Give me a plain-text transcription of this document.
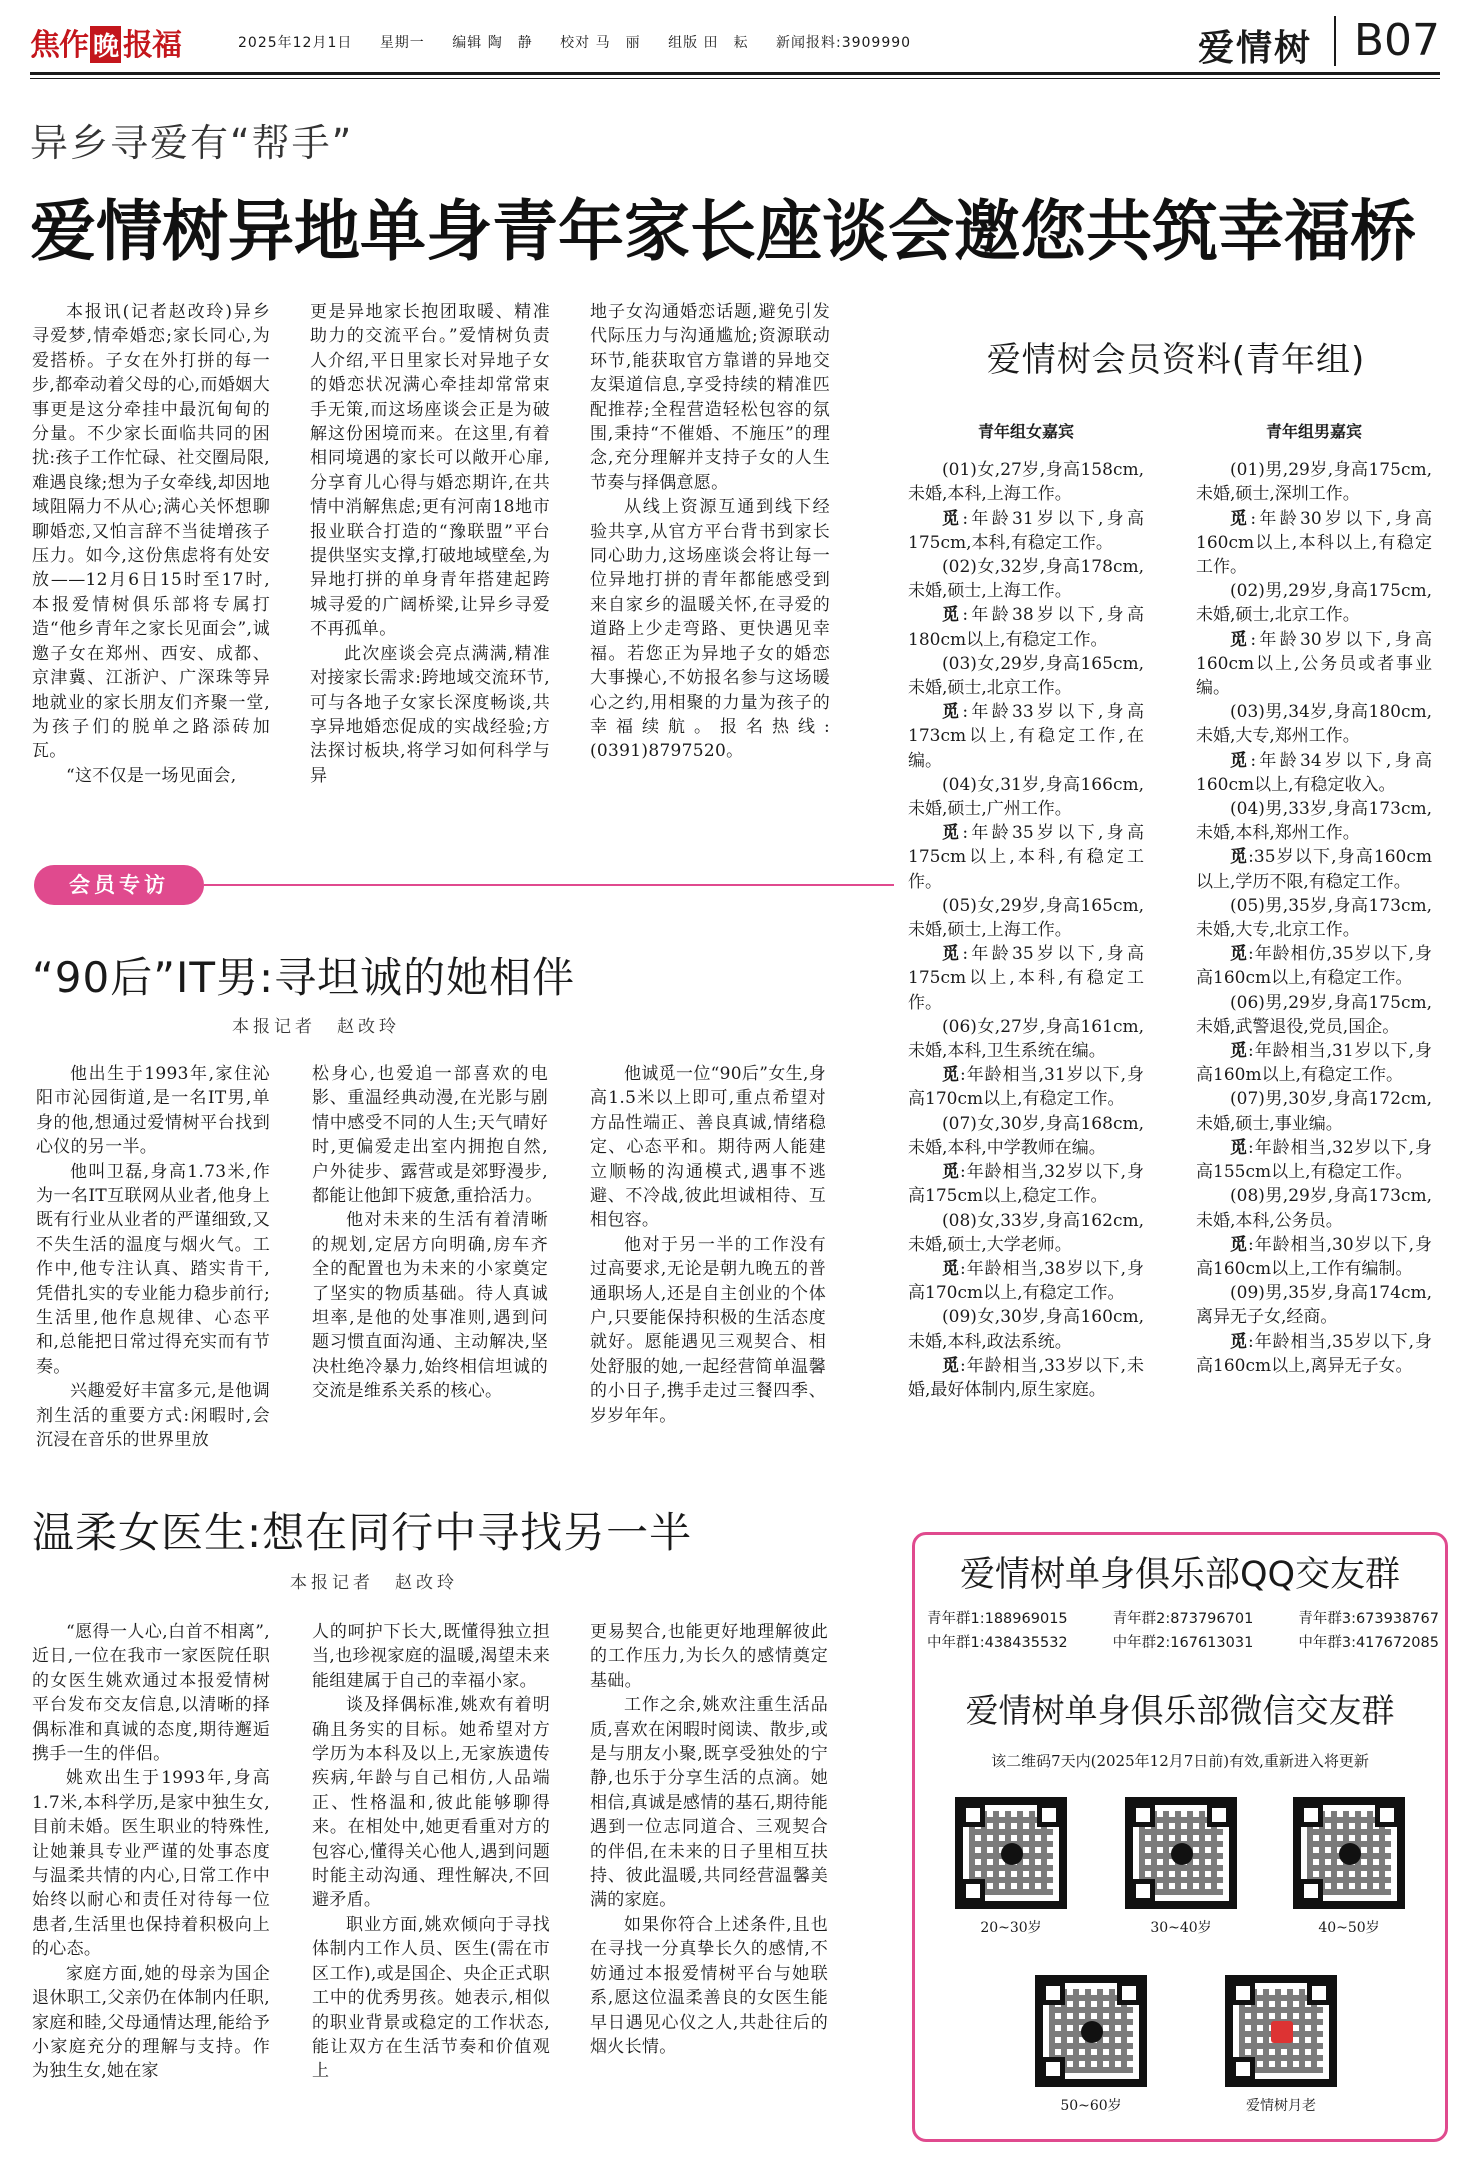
焦作 晚 报福	2025年12月1日 星期一 编辑 陶　静 校对 马　丽 组版 田　耘 新闻报料:3909990	爱情树 B07
异乡寻爱有“帮手”
爱情树异地单身青年家长座谈会邀您共筑幸福桥

本报讯(记者赵改玲)异乡寻爱梦,情牵婚恋;家长同心,为爱搭桥。子女在外打拼的每一步,都牵动着父母的心,而婚姻大事更是这分牵挂中最沉甸甸的分量。不少家长面临共同的困扰:孩子工作忙碌、社交圈局限,难遇良缘;想为子女牵线,却因地域阻隔力不从心;满心关怀想聊聊婚恋,又怕言辞不当徒增孩子压力。如今,这份焦虑将有处安放——12月6日15时至17时,本报爱情树俱乐部将专属打造“他乡青年之家长见面会”,诚邀子女在郑州、西安、成都、京津冀、江浙沪、广深珠等异地就业的家长朋友们齐聚一堂,为孩子们的脱单之路添砖加瓦。

“这不仅是一场见面会,

更是异地家长抱团取暖、精准助力的交流平台。”爱情树负责人介绍,平日里家长对异地子女的婚恋状况满心牵挂却常常束手无策,而这场座谈会正是为破解这份困境而来。在这里,有着相同境遇的家长可以敞开心扉,分享育儿心得与婚恋期许,在共情中消解焦虑;更有河南18地市报业联合打造的“豫联盟”平台提供坚实支撑,打破地域壁垒,为异地打拼的单身青年搭建起跨城寻爱的广阔桥梁,让异乡寻爱不再孤单。

此次座谈会亮点满满,精准对接家长需求:跨地域交流环节,可与各地子女家长深度畅谈,共享异地婚恋促成的实战经验;方法探讨板块,将学习如何科学与异

地子女沟通婚恋话题,避免引发代际压力与沟通尴尬;资源联动环节,能获取官方靠谱的异地交友渠道信息,享受持续的精准匹配推荐;全程营造轻松包容的氛围,秉持“不催婚、不施压”的理念,充分理解并支持子女的人生节奏与择偶意愿。

从线上资源互通到线下经验共享,从官方平台背书到家长同心助力,这场座谈会将让每一位异地打拼的青年都能感受到来自家乡的温暖关怀,在寻爱的道路上少走弯路、更快遇见幸福。若您正为异地子女的婚恋大事操心,不妨报名参与这场暖心之约,用相聚的力量为孩子的幸福续航。报名热线:(0391)8797520。

爱情树会员资料(青年组)
青年组女嘉宾
(01)女,27岁,身高158cm,未婚,本科,上海工作。
觅:年龄31岁以下,身高175cm,本科,有稳定工作。
(02)女,32岁,身高178cm,未婚,硕士,上海工作。
觅:年龄38岁以下,身高180cm以上,有稳定工作。
(03)女,29岁,身高165cm,未婚,硕士,北京工作。
觅:年龄33岁以下,身高173cm以上,有稳定工作,在编。
(04)女,31岁,身高166cm,未婚,硕士,广州工作。
觅:年龄35岁以下,身高175cm以上,本科,有稳定工作。
(05)女,29岁,身高165cm,未婚,硕士,上海工作。
觅:年龄35岁以下,身高175cm以上,本科,有稳定工作。
(06)女,27岁,身高161cm,未婚,本科,卫生系统在编。
觅:年龄相当,31岁以下,身高170cm以上,有稳定工作。
(07)女,30岁,身高168cm,未婚,本科,中学教师在编。
觅:年龄相当,32岁以下,身高175cm以上,稳定工作。
(08)女,33岁,身高162cm,未婚,硕士,大学老师。
觅:年龄相当,38岁以下,身高170cm以上,有稳定工作。
(09)女,30岁,身高160cm,未婚,本科,政法系统。
觅:年龄相当,33岁以下,未婚,最好体制内,原生家庭。
青年组男嘉宾
(01)男,29岁,身高175cm,未婚,硕士,深圳工作。
觅:年龄30岁以下,身高160cm以上,本科以上,有稳定工作。
(02)男,29岁,身高175cm,未婚,硕士,北京工作。
觅:年龄30岁以下,身高160cm以上,公务员或者事业编。
(03)男,34岁,身高180cm,未婚,大专,郑州工作。
觅:年龄34岁以下,身高160cm以上,有稳定收入。
(04)男,33岁,身高173cm,未婚,本科,郑州工作。
觅:35岁以下,身高160cm以上,学历不限,有稳定工作。
(05)男,35岁,身高173cm,未婚,大专,北京工作。
觅:年龄相仿,35岁以下,身高160cm以上,有稳定工作。
(06)男,29岁,身高175cm,未婚,武警退役,党员,国企。
觅:年龄相当,31岁以下,身高160m以上,有稳定工作。
(07)男,30岁,身高172cm,未婚,硕士,事业编。
觅:年龄相当,32岁以下,身高155cm以上,有稳定工作。
(08)男,29岁,身高173cm,未婚,本科,公务员。
觅:年龄相当,30岁以下,身高160cm以上,工作有编制。
(09)男,35岁,身高174cm,离异无子女,经商。
觅:年龄相当,35岁以下,身高160cm以上,离异无子女。
会员专访
“90后”IT男:寻坦诚的她相伴
本报记者　赵改玲

他出生于1993年,家住沁阳市沁园街道,是一名IT男,单身的他,想通过爱情树平台找到心仪的另一半。

他叫卫磊,身高1.73米,作为一名IT互联网从业者,他身上既有行业从业者的严谨细致,又不失生活的温度与烟火气。工作中,他专注认真、踏实肯干,凭借扎实的专业能力稳步前行;生活里,他作息规律、心态平和,总能把日常过得充实而有节奏。

兴趣爱好丰富多元,是他调剂生活的重要方式:闲暇时,会沉浸在音乐的世界里放

松身心,也爱追一部喜欢的电影、重温经典动漫,在光影与剧情中感受不同的人生;天气晴好时,更偏爱走出室内拥抱自然,户外徒步、露营或是郊野漫步,都能让他卸下疲惫,重拾活力。

他对未来的生活有着清晰的规划,定居方向明确,房车齐全的配置也为未来的小家奠定了坚实的物质基础。待人真诚坦率,是他的处事准则,遇到问题习惯直面沟通、主动解决,坚决杜绝冷暴力,始终相信坦诚的交流是维系关系的核心。

他诚觅一位“90后”女生,身高1.5米以上即可,重点希望对方品性端正、善良真诚,情绪稳定、心态平和。期待两人能建立顺畅的沟通模式,遇事不逃避、不冷战,彼此坦诚相待、互相包容。

他对于另一半的工作没有过高要求,无论是朝九晚五的普通职场人,还是自主创业的个体户,只要能保持积极的生活态度就好。愿能遇见三观契合、相处舒服的她,一起经营简单温馨的小日子,携手走过三餐四季、岁岁年年。

温柔女医生:想在同行中寻找另一半
本报记者　赵改玲

“愿得一人心,白首不相离”,近日,一位在我市一家医院任职的女医生姚欢通过本报爱情树平台发布交友信息,以清晰的择偶标准和真诚的态度,期待邂逅携手一生的伴侣。

姚欢出生于1993年,身高1.7米,本科学历,是家中独生女,目前未婚。医生职业的特殊性,让她兼具专业严谨的处事态度与温柔共情的内心,日常工作中始终以耐心和责任对待每一位患者,生活里也保持着积极向上的心态。

家庭方面,她的母亲为国企退休职工,父亲仍在体制内任职,家庭和睦,父母通情达理,能给予小家庭充分的理解与支持。作为独生女,她在家

人的呵护下长大,既懂得独立担当,也珍视家庭的温暖,渴望未来能组建属于自己的幸福小家。

谈及择偶标准,姚欢有着明确且务实的目标。她希望对方学历为本科及以上,无家族遗传疾病,年龄与自己相仿,人品端正、性格温和,彼此能够聊得来。在相处中,她更看重对方的包容心,懂得关心他人,遇到问题时能主动沟通、理性解决,不回避矛盾。

职业方面,姚欢倾向于寻找体制内工作人员、医生(需在市区工作),或是国企、央企正式职工中的优秀男孩。她表示,相似的职业背景或稳定的工作状态,能让双方在生活节奏和价值观上

更易契合,也能更好地理解彼此的工作压力,为长久的感情奠定基础。

工作之余,姚欢注重生活品质,喜欢在闲暇时阅读、散步,或是与朋友小聚,既享受独处的宁静,也乐于分享生活的点滴。她相信,真诚是感情的基石,期待能遇到一位志同道合、三观契合的伴侣,在未来的日子里相互扶持、彼此温暖,共同经营温馨美满的家庭。

如果你符合上述条件,且也在寻找一分真挚长久的感情,不妨通过本报爱情树平台与她联系,愿这位温柔善良的女医生能早日遇见心仪之人,共赴往后的烟火长情。

爱情树单身俱乐部QQ交友群
青年群1:188969015	青年群2:873796701	青年群3:673938767
中年群1:438435532	中年群2:167613031	中年群3:417672085
爱情树单身俱乐部微信交友群
该二维码7天内(2025年12月7日前)有效,重新进入将更新
20~30岁	30~40岁	40~50岁
50~60岁	爱情树月老
